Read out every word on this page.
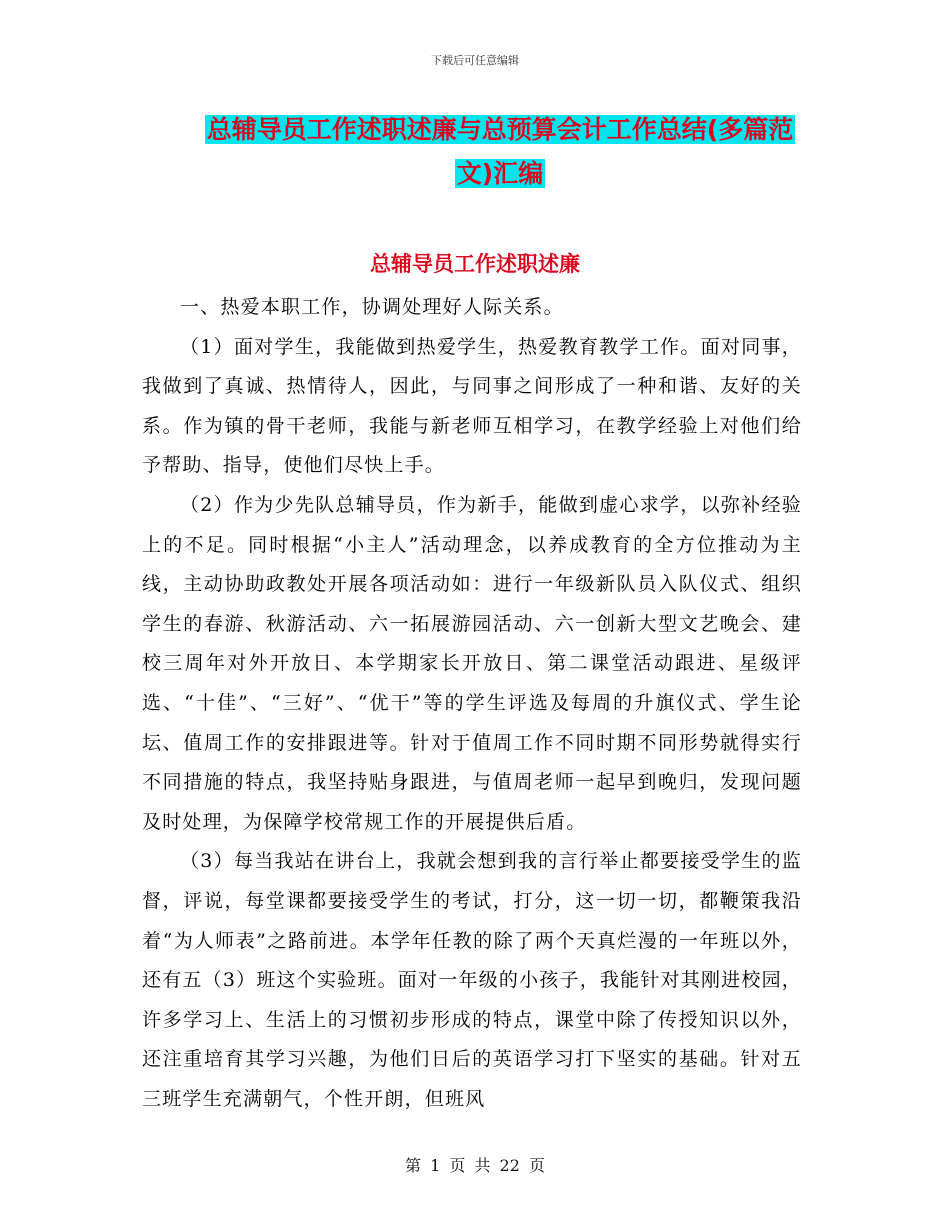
下载后可任意编辑
总辅导员工作述职述廉与总预算会计工作总结(多篇范
文)汇编
总辅导员工作述职述廉

一、热爱本职工作，协调处理好人际关系。

（1）面对学生，我能做到热爱学生，热爱教育教学工作。面对同事，我做到了真诚、热情待人，因此，与同事之间形成了一种和谐、友好的关系。作为镇的骨干老师，我能与新老师互相学习，在教学经验上对他们给予帮助、指导，使他们尽快上手。

（2）作为少先队总辅导员，作为新手，能做到虚心求学，以弥补经验上的不足。同时根据“小主人”活动理念，以养成教育的全方位推动为主线，主动协助政教处开展各项活动如：进行一年级新队员入队仪式、组织学生的春游、秋游活动、六一拓展游园活动、六一创新大型文艺晚会、建校三周年对外开放日、本学期家长开放日、第二课堂活动跟进、星级评选、“十佳”、“三好”、“优干”等的学生评选及每周的升旗仪式、学生论坛、值周工作的安排跟进等。针对于值周工作不同时期不同形势就得实行不同措施的特点，我坚持贴身跟进，与值周老师一起早到晚归，发现问题及时处理，为保障学校常规工作的开展提供后盾。

（3）每当我站在讲台上，我就会想到我的言行举止都要接受学生的监督，评说，每堂课都要接受学生的考试，打分，这一切一切，都鞭策我沿着“为人师表”之路前进。本学年任教的除了两个天真烂漫的一年班以外，还有五（3）班这个实验班。面对一年级的小孩子，我能针对其刚进校园，许多学习上、生活上的习惯初步形成的特点，课堂中除了传授知识以外，还注重培育其学习兴趣，为他们日后的英语学习打下坚实的基础。针对五三班学生充满朝气，个性开朗，但班风

第 1 页 共 22 页
